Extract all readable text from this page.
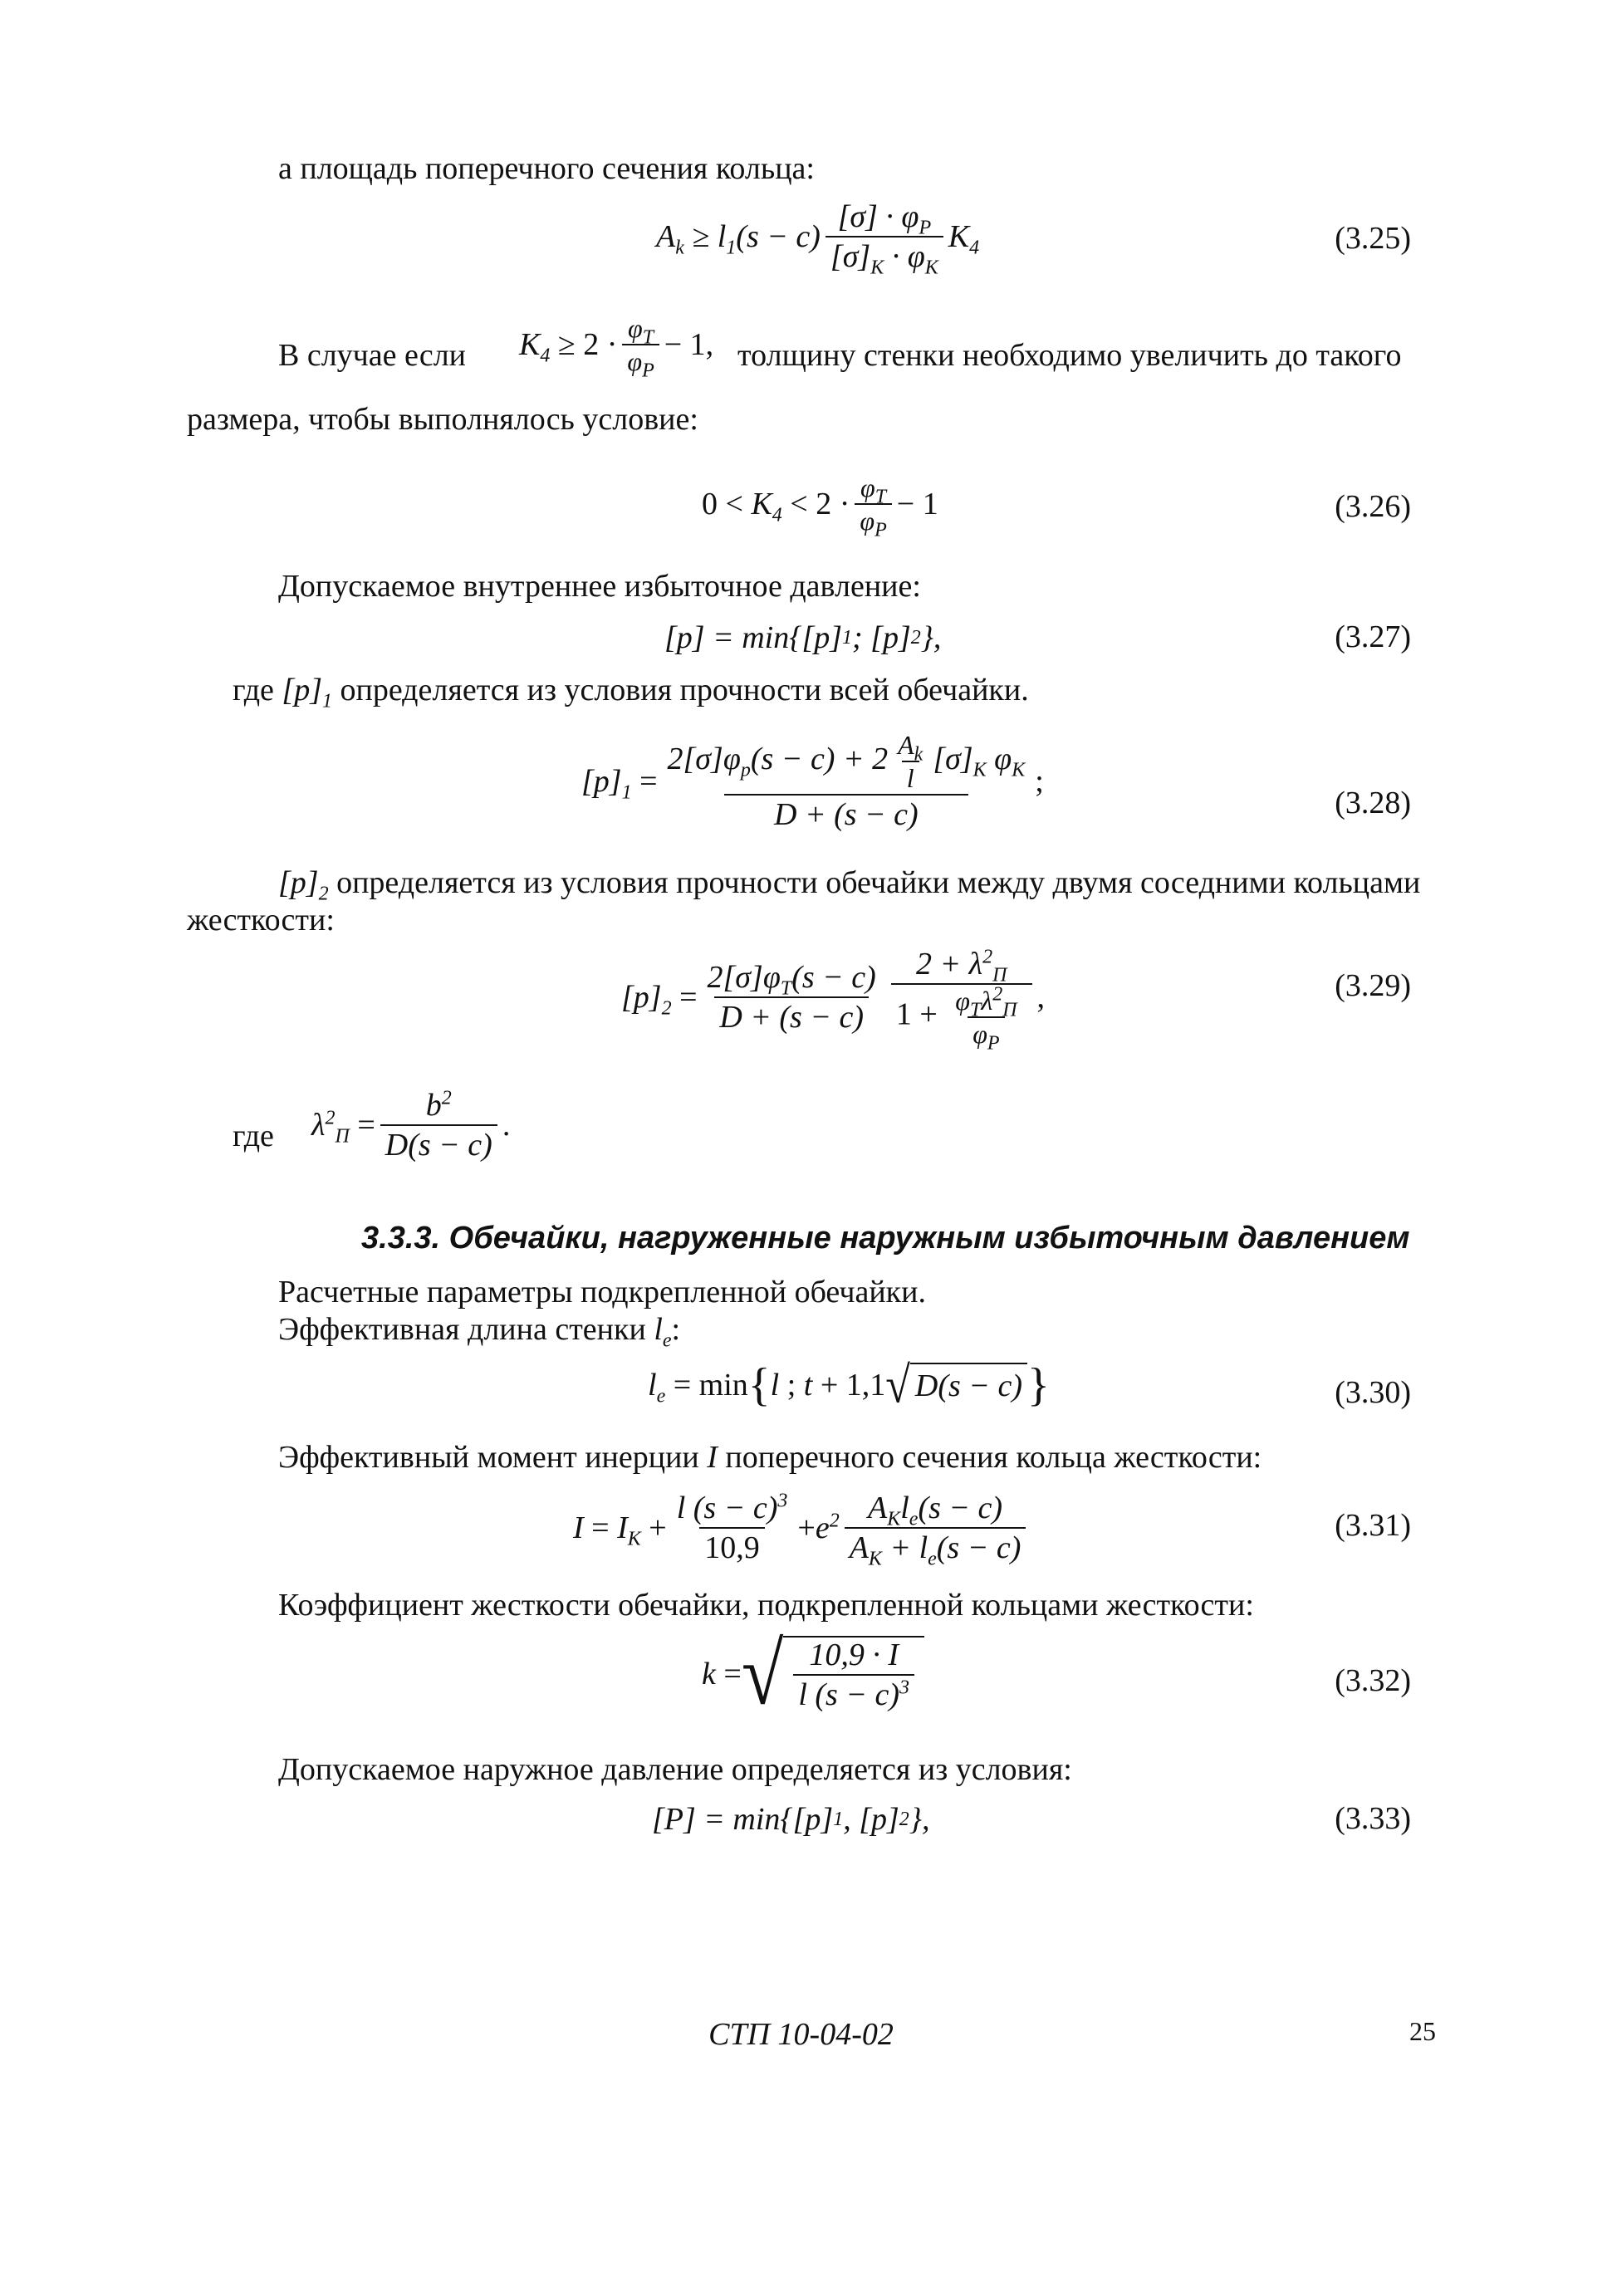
а площадь поперечного сечения кольца:
$A_k \ge l_1(s - c) \frac{[\sigma] \cdot \varphi_P}{[\sigma]_K \cdot \varphi_K} K_4$	(3.25)
В случае если $K_4 \ge 2 \cdot \frac{\varphi_T}{\varphi_P} - 1$, толщину стенки необходимо увеличить до такого
размера, чтобы выполнялось условие:
$0 < K_4 < 2 \cdot \frac{\varphi_T}{\varphi_P} - 1$	(3.26)
Допускаемое внутреннее избыточное давление:
[p] = min{[p] 1 ; [p] 2 },	(3.27)
где $[p]_1$ определяется из условия прочности всей обечайки.
$[p]_1 = \frac{2[\sigma]\varphi_p(s - c) + 2 \frac{A_k}{l} [\sigma]_K \varphi_K}{D + (s - c)}$ ;
(3.28)
$[p]_2$ определяется из условия прочности обечайки между двумя соседними кольцами
жесткости:
$[p]_2 = \frac{2[\sigma]\varphi_T(s - c)}{D + (s - c)} \frac{2 + \lambda^2_П}{1 + \frac{\varphi_T\lambda^2_П}{\varphi_P}}$ ,	(3.29)
где $\lambda^2_П = \frac{b^2}{D(s - c)}$ .
3.3.3. Обечайки, нагруженные наружным избыточным давлением
Расчетные параметры подкрепленной обечайки.
Эффективная длина стенки $l_e$:
$l_e = \min$ { l ; t + 1,1 √ D(s − c) }	(3.30)
Эффективный момент инерции I поперечного сечения кольца жесткости:
$I = I_K + \frac{l (s - c)^3}{10,9} + e^2 \frac{A_Kl_e(s - c)}{A_K + l_e(s - c)}$	(3.31)
Коэффициент жесткости обечайки, подкрепленной кольцами жесткости:
k = √ $\frac{10,9 \cdot I}{l (s - c)^3}$	(3.32)
Допускаемое наружное давление определяется из условия:
[P] = min{[p] 1 , [p] 2 },	(3.33)
СТП 10-04-02	25
